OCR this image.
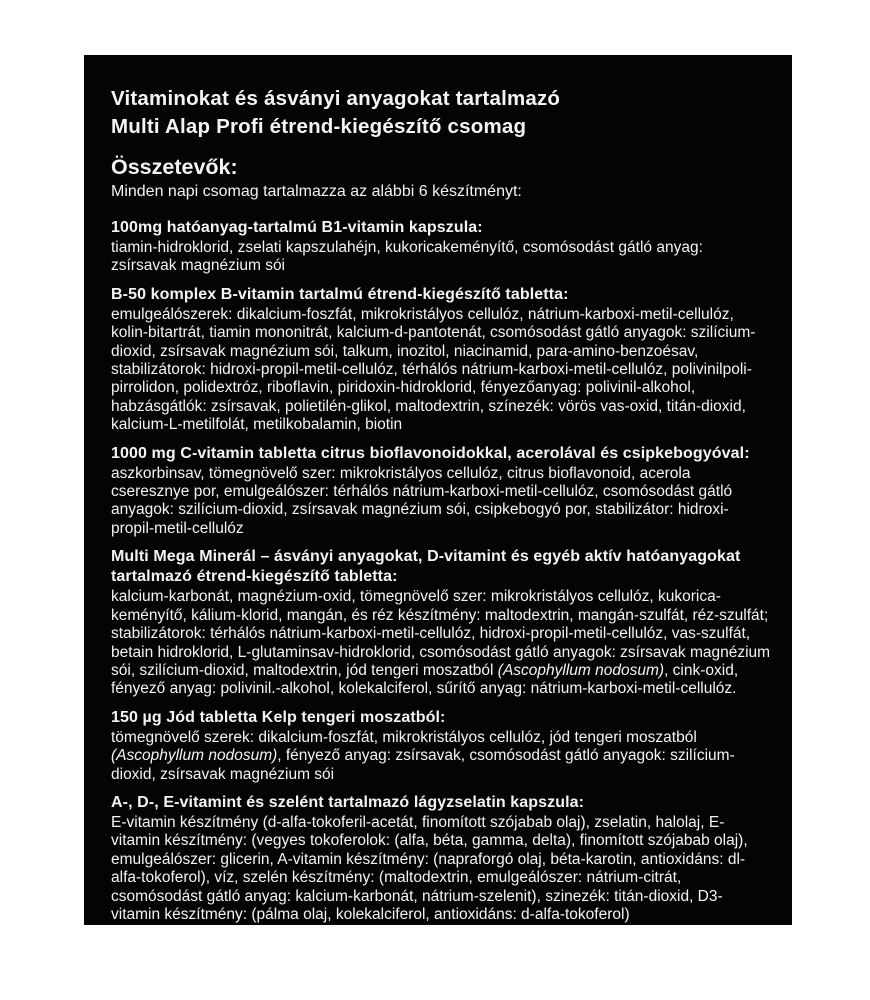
Vitaminokat és ásványi anyagokat tartalmazó
Multi Alap Profi étrend-kiegészítő csomag
Összetevők:
Minden napi csomag tartalmazza az alábbi 6 készítményt:
100mg hatóanyag-tartalmú B1-vitamin kapszula:

tiamin-hidroklorid, zselati kapszulahéjn, kukoricakeményítő, csomósodást gátló anyag: zsírsavak magnézium sói

B-50 komplex B-vitamin tartalmú étrend-kiegészítő tabletta:

emulgeálószerek: dikalcium-foszfát, mikrokristályos cellulóz, nátrium-karboxi-metil-cellulóz, kolin-bitartrát, tiamin mononitrát, kalcium-d-pantotenát, csomósodást gátló anyagok: szilícium-dioxid, zsírsavak magnézium sói, talkum, inozitol, niacinamid, para-amino-benzoésav, stabilizátorok: hidroxi-propil-metil-cellulóz, térhálós nátrium-karboxi-metil-cellulóz, polivinilpoli-pirrolidon, polidextróz, riboflavin, piridoxin-hidroklorid, fényezőanyag: polivinil-alkohol, habzásgátlók: zsírsavak, polietilén-glikol, maltodextrin, színezék: vörös vas-oxid, titán-dioxid, kalcium-L-metilfolát, metilkobalamin, biotin

1000 mg C-vitamin tabletta citrus bioflavonoidokkal, acerolával és csipkebogyóval:

aszkorbinsav, tömegnövelő szer: mikrokristályos cellulóz, citrus bioflavonoid, acerola cseresznye por, emulgeálószer: térhálós nátrium-karboxi-metil-cellulóz, csomósodást gátló anyagok: szilícium-dioxid, zsírsavak magnézium sói, csipkebogyó por, stabilizátor: hidroxi-propil-metil-cellulóz

Multi Mega Minerál – ásványi anyagokat, D-vitamint és egyéb aktív hatóanyagokat tartalmazó étrend-kiegészítő tabletta:

kalcium-karbonát, magnézium-oxid, tömegnövelő szer: mikrokristályos cellulóz, kukorica-keményítő, kálium-klorid, mangán, és réz készítmény: maltodextrin, mangán-szulfát, réz-szulfát; stabilizátorok: térhálós nátrium-karboxi-metil-cellulóz, hidroxi-propil-metil-cellulóz, vas-szulfát, betain hidroklorid, L-glutaminsav-hidroklorid, csomósodást gátló anyagok: zsírsavak magnézium sói, szilícium-dioxid, maltodextrin, jód tengeri moszatból (Ascophyllum nodosum), cink-oxid, fényező anyag: polivinil.-alkohol, kolekalciferol, sűrítő anyag: nátrium-karboxi-metil-cellulóz.

150 µg Jód tabletta Kelp tengeri moszatból:

tömegnövelő szerek: dikalcium-foszfát, mikrokristályos cellulóz, jód tengeri moszatból (Ascophyllum nodosum), fényező anyag: zsírsavak, csomósodást gátló anyagok: szilícium-dioxid, zsírsavak magnézium sói

A-, D-, E-vitamint és szelént tartalmazó lágyzselatin kapszula:

E-vitamin készítmény (d-alfa-tokoferil-acetát, finomított szójabab olaj), zselatin, halolaj, E-vitamin készítmény: (vegyes tokoferolok: (alfa, béta, gamma, delta), finomított szójabab olaj), emulgeálószer: glicerin, A-vitamin készítmény: (napraforgó olaj, béta-karotin, antioxidáns: dl-alfa-tokoferol), víz, szelén készítmény: (maltodextrin, emulgeálószer: nátrium-citrát, csomósodást gátló anyag: kalcium-karbonát, nátrium-szelenit), szinezék: titán-dioxid, D3-vitamin készítmény: (pálma olaj, kolekalciferol, antioxidáns: d-alfa-tokoferol)
